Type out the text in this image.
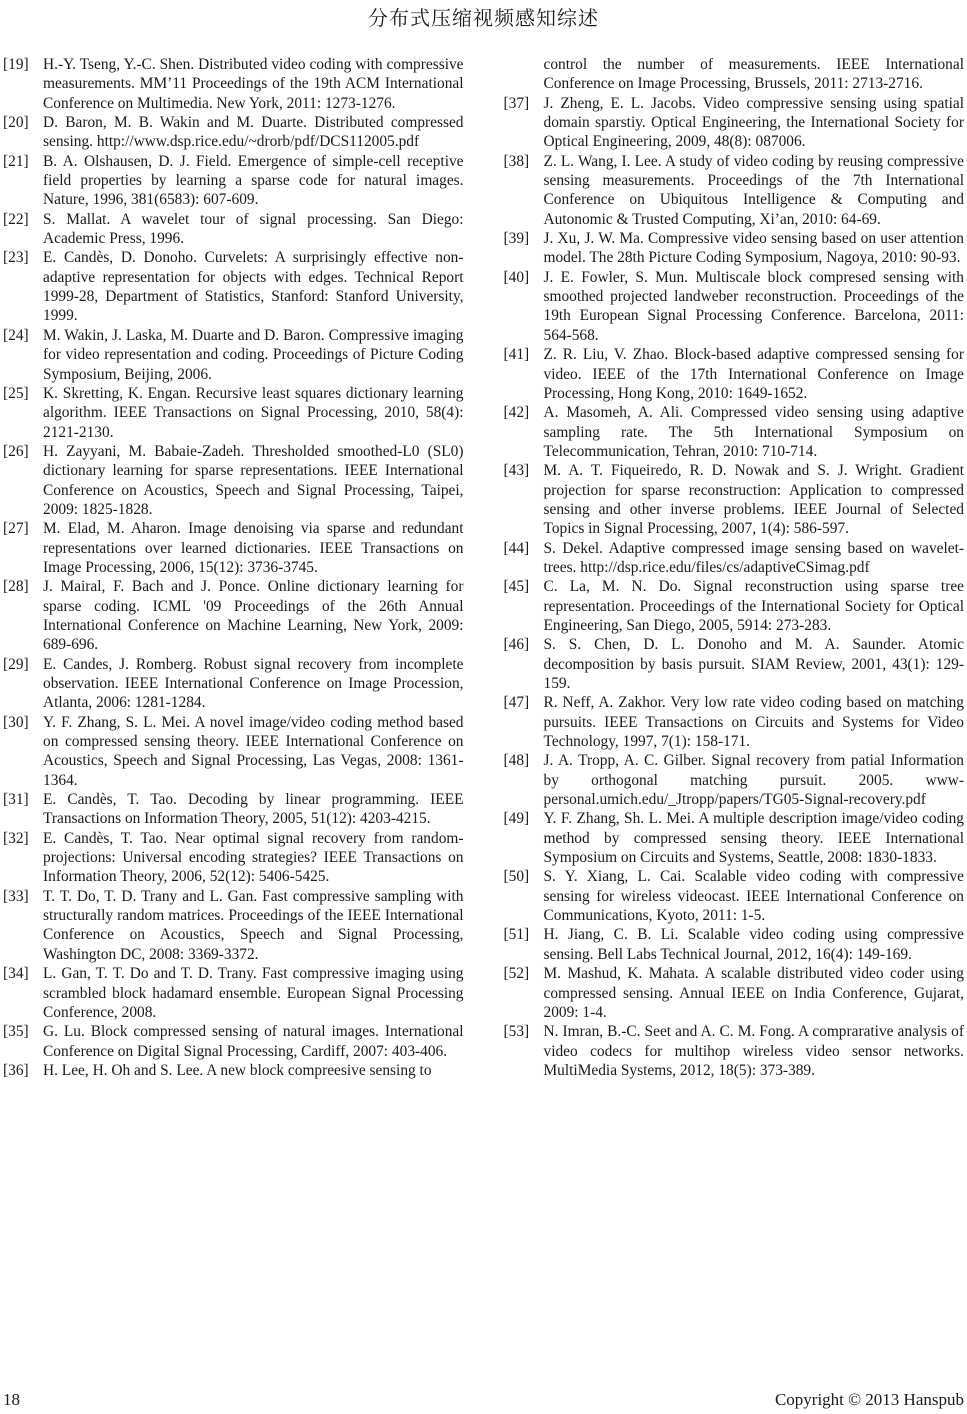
分布式压缩视频感知综述
[19] H.-Y. Tseng, Y.-C. Shen. Distributed video coding with compressive measurements. MM’11 Proceedings of the 19th ACM International Conference on Multimedia. New York, 2011: 1273-1276.
[20] D. Baron, M. B. Wakin and M. Duarte. Distributed compressed sensing. http://www.dsp.rice.edu/~drorb/pdf/DCS112005.pdf
[21] B. A. Olshausen, D. J. Field. Emergence of simple-cell receptive field properties by learning a sparse code for natural images. Nature, 1996, 381(6583): 607-609.
[22] S. Mallat. A wavelet tour of signal processing. San Diego: Academic Press, 1996.
[23] E. Candès, D. Donoho. Curvelets: A surprisingly effective non-adaptive representation for objects with edges. Technical Report 1999-28, Department of Statistics, Stanford: Stanford University, 1999.
[24] M. Wakin, J. Laska, M. Duarte and D. Baron. Compressive imaging for video representation and coding. Proceedings of Picture Coding Symposium, Beijing, 2006.
[25] K. Skretting, K. Engan. Recursive least squares dictionary learning algorithm. IEEE Transactions on Signal Processing, 2010, 58(4): 2121-2130.
[26] H. Zayyani, M. Babaie-Zadeh. Thresholded smoothed-L0 (SL0) dictionary learning for sparse representations. IEEE International Conference on Acoustics, Speech and Signal Processing, Taipei, 2009: 1825-1828.
[27] M. Elad, M. Aharon. Image denoising via sparse and redundant representations over learned dictionaries. IEEE Transactions on Image Processing, 2006, 15(12): 3736-3745.
[28] J. Mairal, F. Bach and J. Ponce. Online dictionary learning for sparse coding. ICML '09 Proceedings of the 26th Annual International Conference on Machine Learning, New York, 2009: 689-696.
[29] E. Candes, J. Romberg. Robust signal recovery from incomplete observation. IEEE International Conference on Image Procession, Atlanta, 2006: 1281-1284.
[30] Y. F. Zhang, S. L. Mei. A novel image/video coding method based on compressed sensing theory. IEEE International Conference on Acoustics, Speech and Signal Processing, Las Vegas, 2008: 1361-1364.
[31] E. Candès, T. Tao. Decoding by linear programming. IEEE Transactions on Information Theory, 2005, 51(12): 4203-4215.
[32] E. Candès, T. Tao. Near optimal signal recovery from random-projections: Universal encoding strategies? IEEE Transactions on Information Theory, 2006, 52(12): 5406-5425.
[33] T. T. Do, T. D. Trany and L. Gan. Fast compressive sampling with structurally random matrices. Proceedings of the IEEE International Conference on Acoustics, Speech and Signal Processing, Washington DC, 2008: 3369-3372.
[34] L. Gan, T. T. Do and T. D. Trany. Fast compressive imaging using scrambled block hadamard ensemble. European Signal Processing Conference, 2008.
[35] G. Lu. Block compressed sensing of natural images. International Conference on Digital Signal Processing, Cardiff, 2007: 403-406.
[36] H. Lee, H. Oh and S. Lee. A new block compreesive sensing to

control the number of measurements. IEEE International Conference on Image Processing, Brussels, 2011: 2713-2716.

[37] J. Zheng, E. L. Jacobs. Video compressive sensing using spatial domain sparstiy. Optical Engineering, the International Society for Optical Engineering, 2009, 48(8): 087006.
[38] Z. L. Wang, I. Lee. A study of video coding by reusing compressive sensing measurements. Proceedings of the 7th International Conference on Ubiquitous Intelligence & Computing and Autonomic & Trusted Computing, Xi’an, 2010: 64-69.
[39] J. Xu, J. W. Ma. Compressive video sensing based on user attention model. The 28th Picture Coding Symposium, Nagoya, 2010: 90-93.
[40] J. E. Fowler, S. Mun. Multiscale block compresed sensing with smoothed projected landweber reconstruction. Proceedings of the 19th European Signal Processing Conference. Barcelona, 2011: 564-568.
[41] Z. R. Liu, V. Zhao. Block-based adaptive compressed sensing for video. IEEE of the 17th International Conference on Image Processing, Hong Kong, 2010: 1649-1652.
[42] A. Masomeh, A. Ali. Compressed video sensing using adaptive sampling rate. The 5th International Symposium on Telecommunication, Tehran, 2010: 710-714.
[43] M. A. T. Fiqueiredo, R. D. Nowak and S. J. Wright. Gradient projection for sparse reconstruction: Application to compressed sensing and other inverse problems. IEEE Journal of Selected Topics in Signal Processing, 2007, 1(4): 586-597.
[44] S. Dekel. Adaptive compressed image sensing based on wavelet-trees. http://dsp.rice.edu/files/cs/adaptiveCSimag.pdf
[45] C. La, M. N. Do. Signal reconstruction using sparse tree representation. Proceedings of the International Society for Optical Engineering, San Diego, 2005, 5914: 273-283.
[46] S. S. Chen, D. L. Donoho and M. A. Saunder. Atomic decomposition by basis pursuit. SIAM Review, 2001, 43(1): 129-159.
[47] R. Neff, A. Zakhor. Very low rate video coding based on matching pursuits. IEEE Transactions on Circuits and Systems for Video Technology, 1997, 7(1): 158-171.
[48] J. A. Tropp, A. C. Gilber. Signal recovery from patial Information by orthogonal matching pursuit. 2005. www-personal.umich.edu/_Jtropp/papers/TG05-Signal-recovery.pdf
[49] Y. F. Zhang, Sh. L. Mei. A multiple description image/video coding method by compressed sensing theory. IEEE International Symposium on Circuits and Systems, Seattle, 2008: 1830-1833.
[50] S. Y. Xiang, L. Cai. Scalable video coding with compressive sensing for wireless videocast. IEEE International Conference on Communications, Kyoto, 2011: 1-5.
[51] H. Jiang, C. B. Li. Scalable video coding using compressive sensing. Bell Labs Technical Journal, 2012, 16(4): 149-169.
[52] M. Mashud, K. Mahata. A scalable distributed video coder using compressed sensing. Annual IEEE on India Conference, Gujarat, 2009: 1-4.
[53] N. Imran, B.-C. Seet and A. C. M. Fong. A comprarative analysis of video codecs for multihop wireless video sensor networks. MultiMedia Systems, 2012, 18(5): 373-389.
18	Copyright © 2013 Hanspub
